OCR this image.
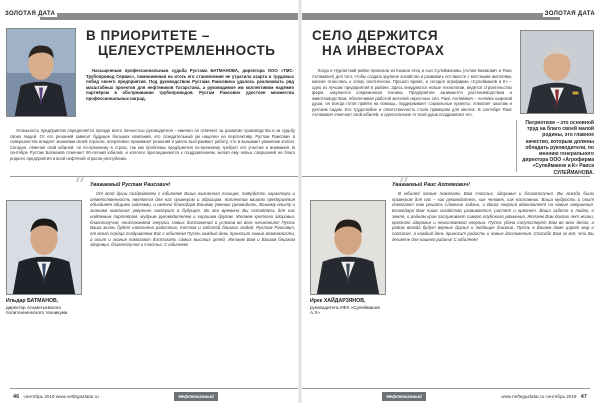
ЗОЛОТАЯ ДАТА
В ПРИОРИТЕТЕ –
ЦЕЛЕУСТРЕМЛЕННОСТЬ

Насыщенным профессиональным судьба Рустама БАТМАНОВА, директора ООО «ТМС-Трубопровод Сервис», помноженная на итогь его становления не утратила азарта и трудовых побед своего предприятия. Под руководством Рустама Раисовича удалось реализовать ряд масштабных проектов для нефтяников Татарстана, а руководимое им коллективом надёжно партнёром в обслуживании трубопроводов. Рустам Раисович удостоен множества профессиональных наград.

Успешность предприятия определяется прежде всего личностью руководителя – именно он отвечает за развитие производства и за судьбу своих людей. От его решений зависит будущее больших компаний, его созидательный ум нацелен на перспективу. Рустам Раисович в совершенстве владеет знаниями своей отрасли, оперативно принимает решения и умело выстраивает работу, что и вызывает уважение коллег. Сегодня, отмечая свой юбилей, он по-прежнему в строю, так как проблемы предприятия по-прежнему требуют его участия и внимания. В сентябре Рустам Батманов отмечает 60-летний юбилей, и коллеги присоединяются к поздравлениям, желая ему новых свершений на благо родного предприятия и всей нефтяной отрасли республики.

“ Уважаемый Рустам Раисович!

От всей души поздравляем с юбилеем! Ваша жизненная позиция, твёрдость характера и ответственность являются для нас примером и образцом. Коллектив вашего предприятия объединён общими задачами, и именно благодаря Вашему умению руководить, Вашему опыту и знаниям компания уверенно смотрит в будущее. Во все времена Вы остаётесь для нас надёжным партнёром, мудрым руководителем и хорошим другом. Желаем крепкого здоровья, благополучия, неиссякаемой энергии, новых достижений и успехов во всех начинаниях! Пусть Ваша жизнь будет наполнена радостью, теплом и заботой близких людей. Рустам Раисович, от всего сердца поздравляем Вас с юбилеем! Пусть каждый день приносит новые возможности, а опыт и знания помогают достигать самых высоких целей. Желаем Вам и Вашим близким здоровья, благополучия и счастья. С юбилеем!

Ильдар БАТМАНОВ,
директор Альметьевского политехнического техникума
46 сентябрь 2019 www.neftegaztatar.ru	Нефтегазовый
ЗОЛОТАЯ ДАТА
СЕЛО ДЕРЖИТСЯ
НА ИНВЕСТОРАХ

Когда в Нурлатский район приехали из Казани отец и сын Сулеймановы (Ахтям Каюмович и Раис Ахтямович) для того, чтобы создать крупное хозяйство и развивать его вместе с местными жителями, многие отнеслись к этому скептически. Прошло время, и сегодня агрофирма «Сулейманов и К» – одно из лучших предприятий в районе. Здесь внедряются новые технологии, ведётся строительство ферм, закупается современная техника. Предприятие занимается растениеводством и животноводством, обеспечивая работой жителей окрестных сёл. Раис Ахтямович – человек широкой души, он всегда готов прийти на помощь, поддерживает социальные проекты, помогает школам и детским садам. Его трудолюбие и ответственность стали примером для многих. В сентябре Раис Ахтямович отмечает свой юбилей, и односельчане от всей души поздравляют его.

Патриотизм – это основной труд на благо своей малой родины, это главное качество, которым должны обладать руководители, по мнению генерального директора ООО «Агрофирма «Сулейманов и К» Раиса СУЛЕЙМАНОВА.
“
Уважаемый Раис Ахтямович!

В юбилей хотим пожелать Вам счастья, здоровья и благополучия. Вы всегда были примером для нас – как руководитель, как человек, как наставник. Ваша мудрость и опыт помогают нам решать сложные задачи, а Ваша энергия вдохновляет на новые свершения. Благодаря Вам наше хозяйство развивается, растёт и крепнет. Ваша забота о людях, о земле, о родном крае заслуживает самого глубокого уважения. Желаем Вам долгих лет жизни, крепкого здоровья и неиссякаемой энергии. Пусть удача сопутствует Вам во всех делах, а рядом всегда будут верные друзья и любящие близкие. Пусть в Вашем доме царят мир и согласие, а каждый день приносит радость и новые достижения. Спасибо Вам за всё, что Вы делаете для нашего района! С юбилеем!

Ирек ХАЙДАРЗЯНОВ,
руководитель КФХ «Сулейманов А.Х»
Нефтегазовый	www.neftegaztatar.ru сентябрь 2019 47
